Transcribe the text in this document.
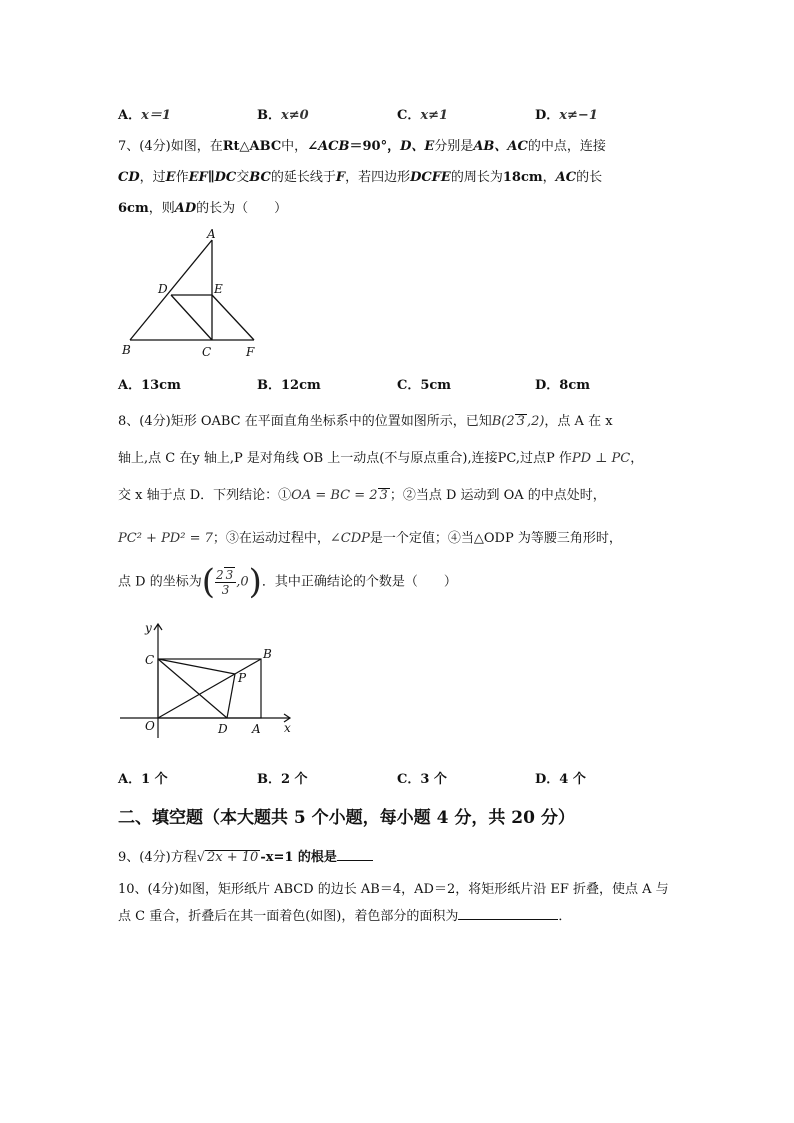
A．x＝1	B．x≠0	C．x≠1	D．x≠−1
7、(4分)如图，在Rt△ABC中，∠ACB＝90°，D、E分别是AB、AC的中点，连接
CD，过E作EF∥DC交BC的延长线于F，若四边形DCFE的周长为18cm，AC的长
6cm，则AD的长为（　　）
A
D	E
B	C	F
A．13cm	B．12cm	C．5cm	D．8cm
8、(4分)矩形 OABC 在平面直角坐标系中的位置如图所示，已知B(2 3 ,2)，点 A 在 x
轴上,点 C 在y 轴上,P 是对角线 OB 上一动点(不与原点重合),连接PC,过点P 作PD ⊥ PC，
交 x 轴于点 D．下列结论：①OA = BC = 2 3 ；②当点 D 运动到 OA 的中点处时，
PC² + PD² = 7；③在运动过程中，∠CDP是一个定值；④当△ODP 为等腰三角形时，
点 D 的坐标为( $\frac{2 3}{3} ,0$)．其中正确结论的个数是（　　）
y
C	B
P
O	D A x
A．1 个	B．2 个	C．3 个	D．4 个
二、填空题（本大题共 5 个小题，每小题 4 分，共 20 分）
9、(4分)方程√ 2x + 10 -x=1 的根是
10、(4分)如图，矩形纸片 ABCD 的边长 AB＝4，AD＝2，将矩形纸片沿 EF 折叠，使点 A 与
点 C 重合，折叠后在其一面着色(如图)，着色部分的面积为	．
